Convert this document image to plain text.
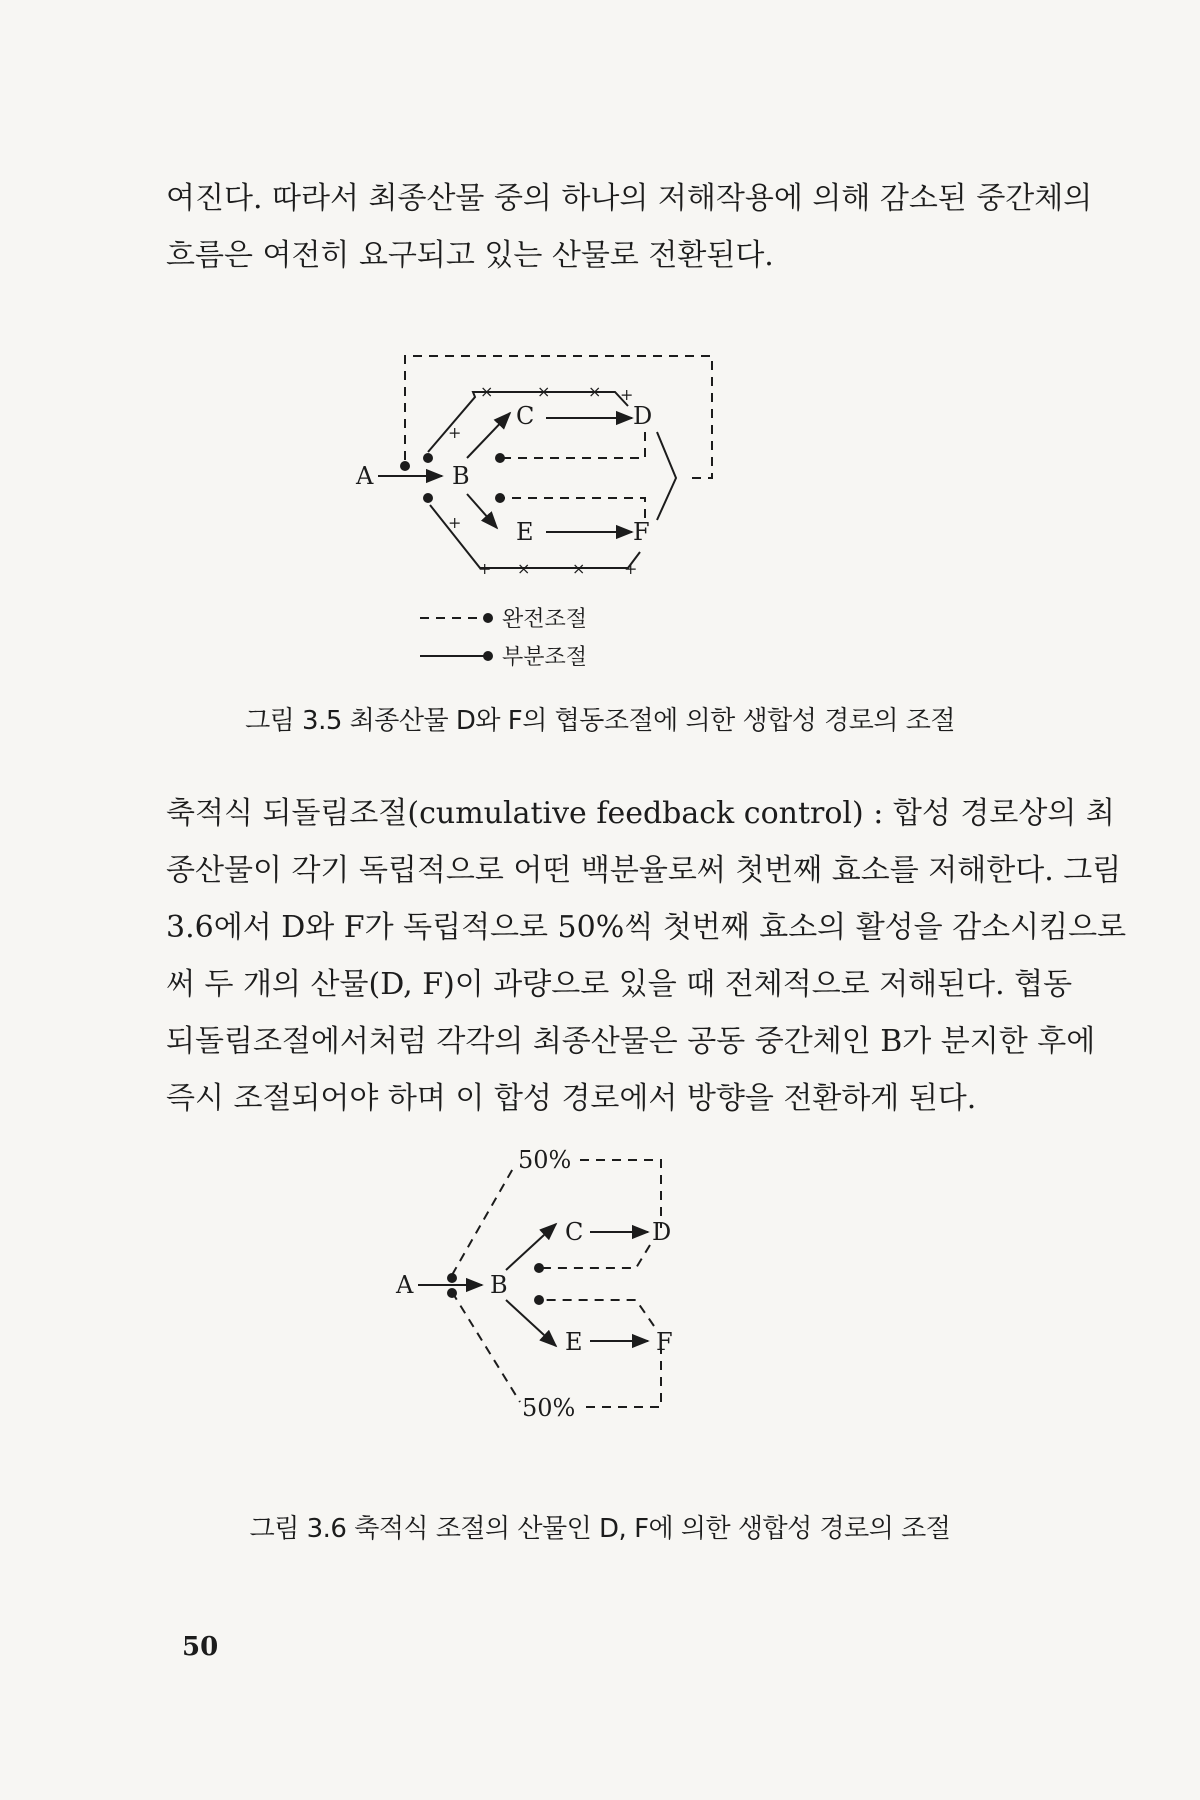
여진다. 따라서 최종산물 중의 하나의 저해작용에 의해 감소된 중간체의
흐름은 여전히 요구되고 있는 산물로 전환된다.
×	× ×
+
+
+
+ ×	× +
A	B
C	D
E	F
완전조절
부분조절
그림 3.5 최종산물 D와 F의 협동조절에 의한 생합성 경로의 조절
축적식 되돌림조절(cumulative feedback control) : 합성 경로상의 최
종산물이 각기 독립적으로 어떤 백분율로써 첫번째 효소를 저해한다. 그림
3.6에서 D와 F가 독립적으로 50%씩 첫번째 효소의 활성을 감소시킴으로
써 두 개의 산물(D, F)이 과량으로 있을 때 전체적으로 저해된다. 협동
되돌림조절에서처럼 각각의 최종산물은 공동 중간체인 B가 분지한 후에
즉시 조절되어야 하며 이 합성 경로에서 방향을 전환하게 된다.
A	B
C	D
E	F
50%
50%
그림 3.6 축적식 조절의 산물인 D, F에 의한 생합성 경로의 조절
50
